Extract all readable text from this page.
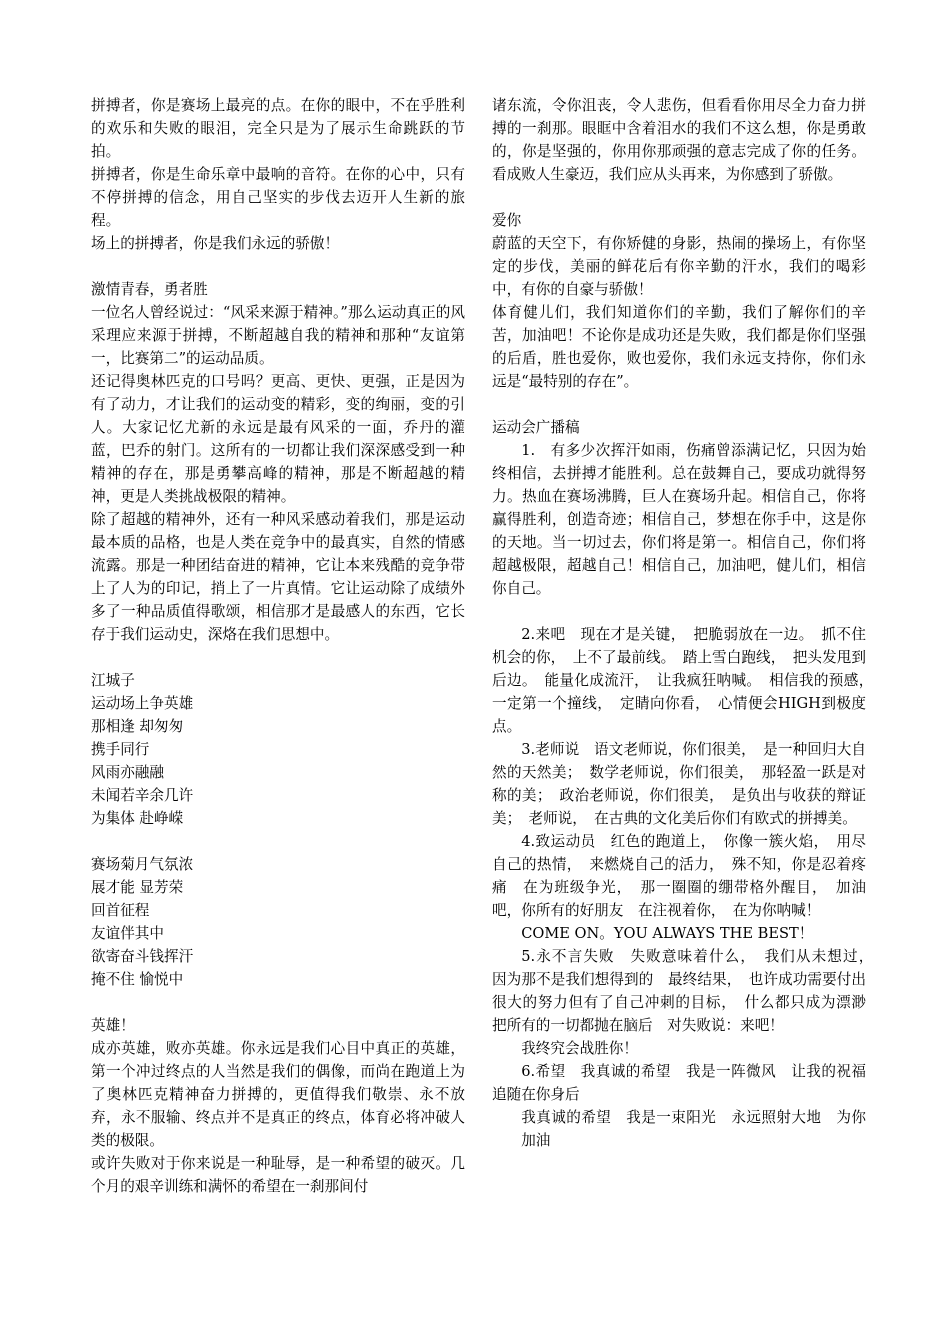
拼搏者，你是赛场上最亮的点。在你的眼中，不在乎胜利的欢乐和失败的眼泪，完全只是为了展示生命跳跃的节拍。

拼搏者，你是生命乐章中最响的音符。在你的心中，只有不停拼搏的信念，用自己坚实的步伐去迈开人生新的旅程。

场上的拼搏者，你是我们永远的骄傲！

激情青春，勇者胜

一位名人曾经说过：“风采来源于精神。”那么运动真正的风采理应来源于拼搏，不断超越自我的精神和那种“友谊第一，比赛第二”的运动品质。

还记得奥林匹克的口号吗？更高、更快、更强，正是因为有了动力，才让我们的运动变的精彩，变的绚丽，变的引人。大家记忆尤新的永远是最有风采的一面，乔丹的灌蓝，巴乔的射门。这所有的一切都让我们深深感受到一种精神的存在，那是勇攀高峰的精神，那是不断超越的精神，更是人类挑战极限的精神。

除了超越的精神外，还有一种风采感动着我们，那是运动最本质的品格，也是人类在竞争中的最真实，自然的情感流露。那是一种团结奋进的精神，它让本来残酷的竞争带上了人为的印记，捎上了一片真情。它让运动除了成绩外多了一种品质值得歌颂，相信那才是最感人的东西，它长存于我们运动史，深烙在我们思想中。

江城子

运动场上争英雄

那相逢 却匆匆

携手同行

风雨亦融融

未闻若辛余几许

为集体 赴峥嵘

赛场菊月气氛浓

展才能 显芳荣

回首征程

友谊伴其中

欲寄奋斗钱挥汗

掩不住 愉悦中

英雄！

成亦英雄，败亦英雄。你永远是我们心目中真正的英雄，第一个冲过终点的人当然是我们的偶像，而尚在跑道上为了奥林匹克精神奋力拼搏的，更值得我们敬崇、永不放弃，永不服输、终点并不是真正的终点，体育必将冲破人类的极限。

或许失败对于你来说是一种耻辱，是一种希望的破灭。几个月的艰辛训练和满怀的希望在一刹那间付

诸东流，令你沮丧，令人悲伤，但看看你用尽全力奋力拼搏的一刹那。眼眶中含着泪水的我们不这么想，你是勇敢的，你是坚强的，你用你那顽强的意志完成了你的任务。看成败人生豪迈，我们应从头再来，为你感到了骄傲。

爱你

蔚蓝的天空下，有你矫健的身影，热闹的操场上，有你坚定的步伐，美丽的鲜花后有你辛勤的汗水，我们的喝彩中，有你的自豪与骄傲！

体育健儿们，我们知道你们的辛勤，我们了解你们的辛苦，加油吧！不论你是成功还是失败，我们都是你们坚强的后盾，胜也爱你，败也爱你，我们永远支持你，你们永远是“最特别的存在”。

运动会广播稿

1.　有多少次挥汗如雨，伤痛曾添满记忆，只因为始终相信，去拼搏才能胜利。总在鼓舞自己，要成功就得努力。热血在赛场沸腾，巨人在赛场升起。相信自己，你将赢得胜利，创造奇迹；相信自己，梦想在你手中，这是你的天地。当一切过去，你们将是第一。相信自己，你们将超越极限，超越自己！相信自己，加油吧，健儿们，相信你自己。

2.来吧　现在才是关键，　把脆弱放在一边。　抓不住机会的你，　上不了最前线。　踏上雪白跑线，　把头发甩到后边。　能量化成流汗，　让我疯狂呐喊。　相信我的预感，　一定第一个撞线，　定睛向你看，　心情便会HIGH到极度点。

3.老师说　语文老师说，你们很美，　是一种回归大自然的天然美；　数学老师说，你们很美，　那轻盈一跃是对称的美；　政治老师说，你们很美，　是负出与收获的辩证美；　老师说，　在古典的文化美后你们有欧式的拼搏美。

4.致运动员　红色的跑道上，　你像一簇火焰，　用尽自己的热情，　来燃烧自己的活力，　殊不知，你是忍着疼痛　在为班级争光，　那一圈圈的绷带格外醒目，　加油吧，你所有的好朋友　在注视着你，　在为你呐喊！

COME ON。YOU ALWAYS THE BEST！

5.永不言失败　失败意味着什么，　我们从未想过，　因为那不是我们想得到的　最终结果，　也许成功需要付出很大的努力但有了自己冲刺的目标，　什么都只成为漂渺　把所有的一切都抛在脑后　对失败说：来吧！

我终究会战胜你！

6.希望　我真诚的希望　我是一阵微风　让我的祝福　追随在你身后

我真诚的希望　我是一束阳光　永远照射大地　为你加油
